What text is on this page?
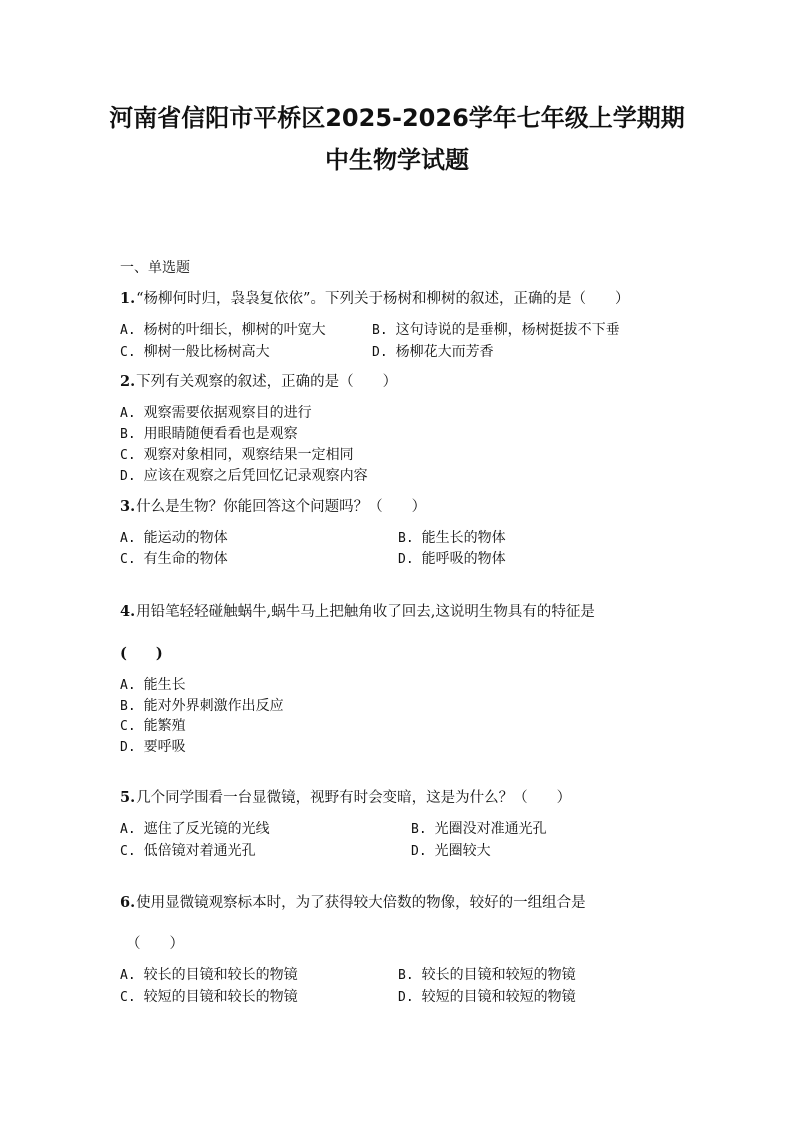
河南省信阳市平桥区2025-2026学年七年级上学期期
中生物学试题
一、单选题
1.“杨柳何时归，袅袅复依依”。下列关于杨树和柳树的叙述，正确的是（　　）
A. 杨树的叶细长，柳树的叶宽大	B. 这句诗说的是垂柳，杨树挺拔不下垂
C. 柳树一般比杨树高大	D. 杨柳花大而芳香
2.下列有关观察的叙述，正确的是（　　）
A. 观察需要依据观察目的进行
B. 用眼睛随便看看也是观察
C. 观察对象相同，观察结果一定相同
D. 应该在观察之后凭回忆记录观察内容
3.什么是生物？你能回答这个问题吗？（　　）
A. 能运动的物体	B. 能生长的物体
C. 有生命的物体	D. 能呼吸的物体
4.用铅笔轻轻碰触蜗牛,蜗牛马上把触角收了回去,这说明生物具有的特征是
(　　)
A. 能生长
B. 能对外界刺激作出反应
C. 能繁殖
D. 要呼吸
5.几个同学围看一台显微镜，视野有时会变暗，这是为什么？（　　）
A. 遮住了反光镜的光线	B. 光圈没对准通光孔
C. 低倍镜对着通光孔	D. 光圈较大
6.使用显微镜观察标本时，为了获得较大倍数的物像，较好的一组组合是
（　　）
A. 较长的目镜和较长的物镜	B. 较长的目镜和较短的物镜
C. 较短的目镜和较长的物镜	D. 较短的目镜和较短的物镜
